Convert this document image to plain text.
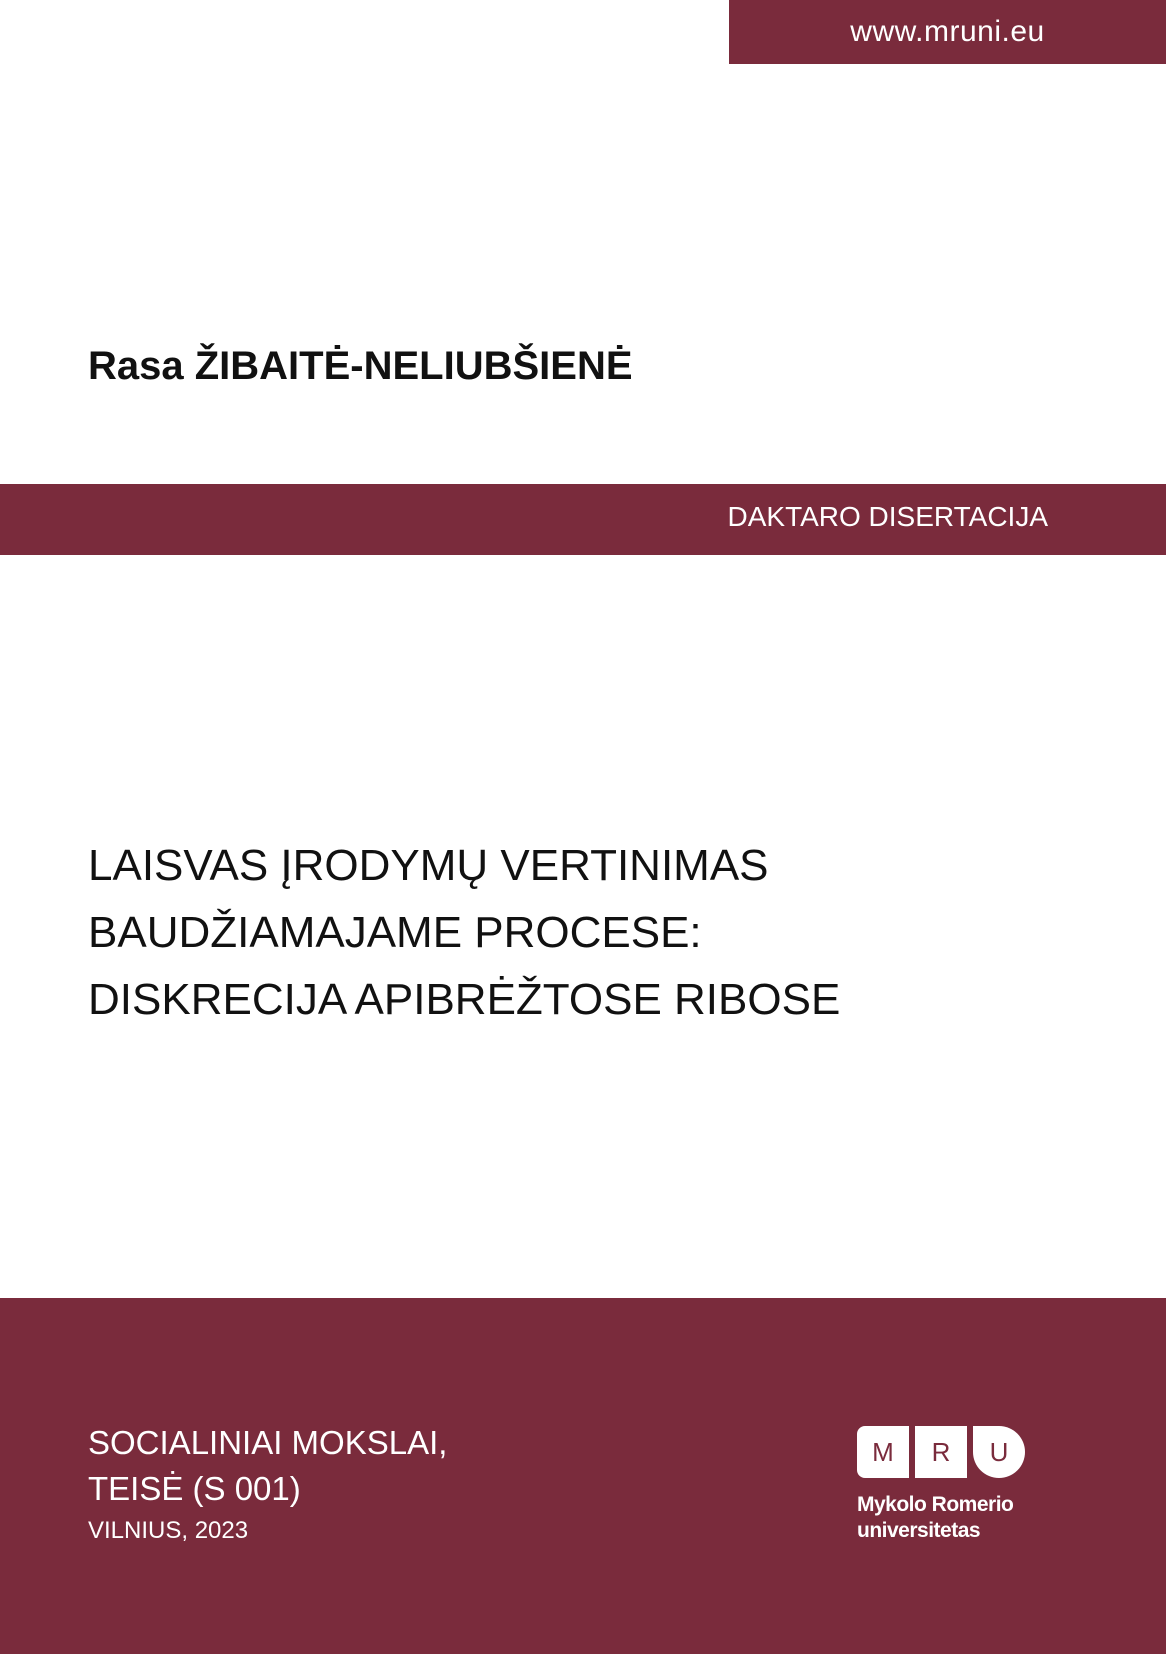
www.mruni.eu
Rasa ŽIBAITĖ-NELIUBŠIENĖ
DAKTARO DISERTACIJA
LAISVAS ĮRODYMŲ VERTINIMAS
BAUDŽIAMAJAME PROCESE:
DISKRECIJA APIBRĖŽTOSE RIBOSE
SOCIALINIAI MOKSLAI,
TEISĖ (S 001)
VILNIUS, 2023
M	R	U
Mykolo Romerio
universitetas
